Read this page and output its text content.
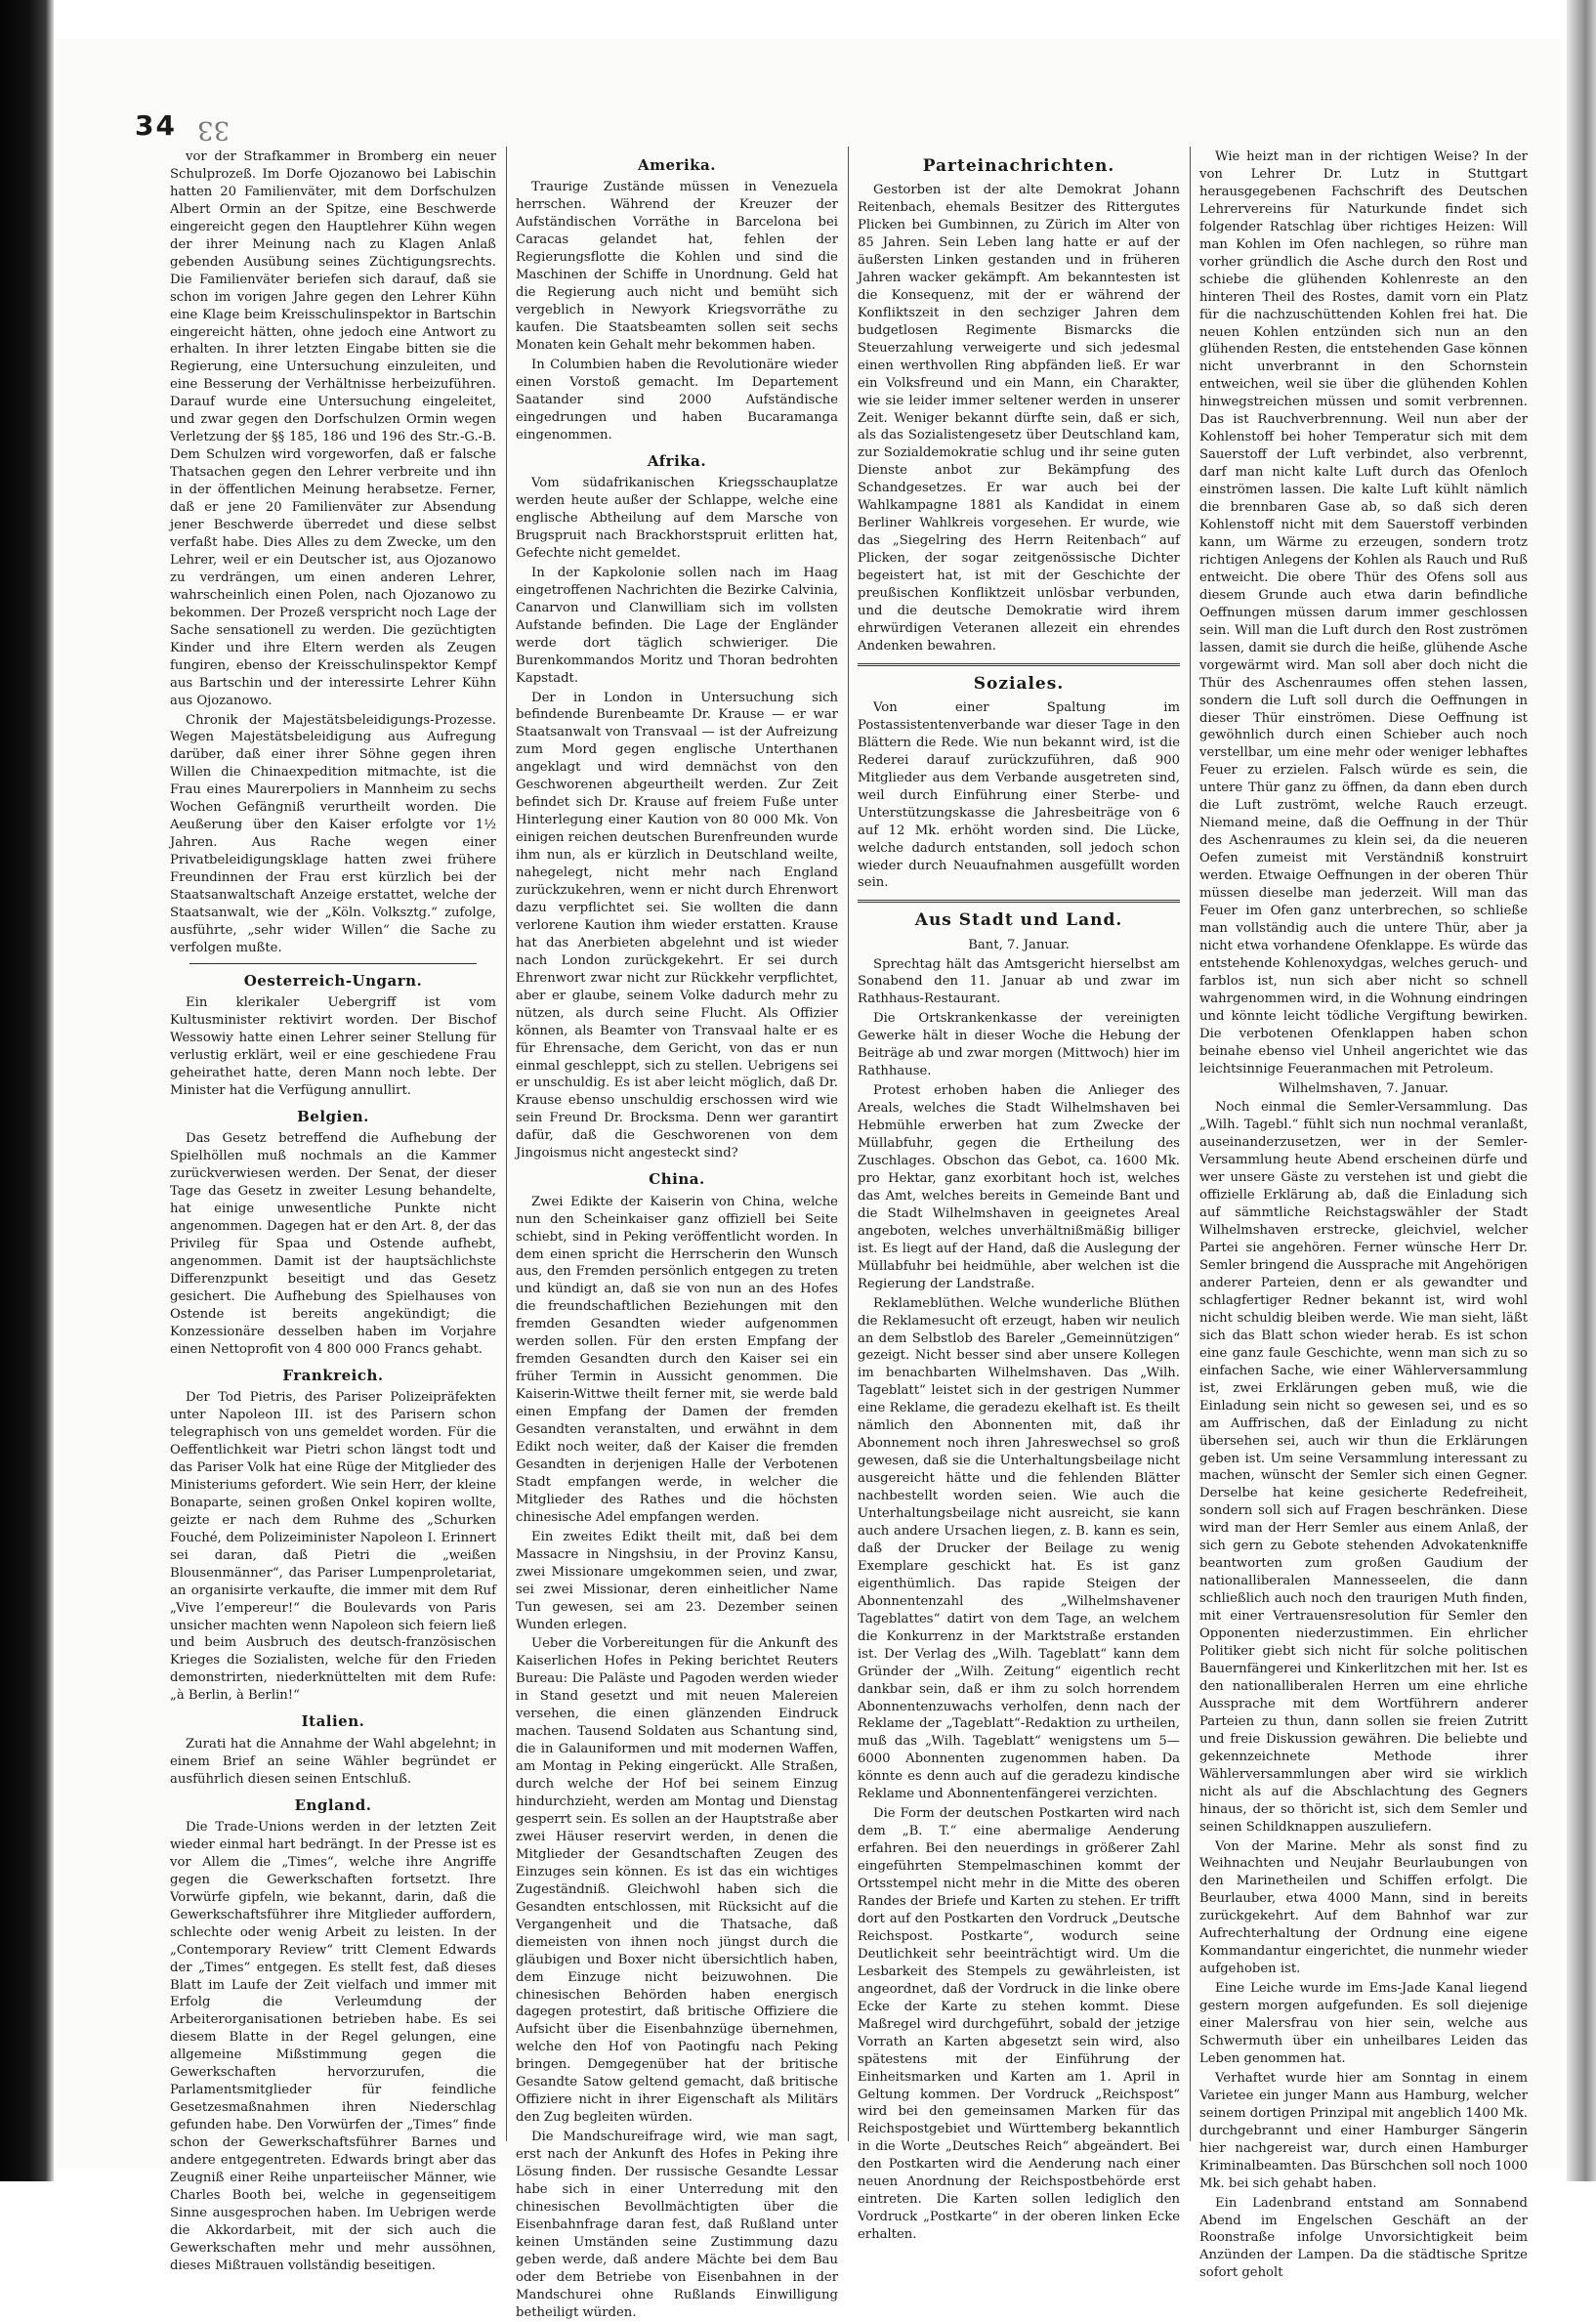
34 33

vor der Strafkammer in Bromberg ein neuer Schulprozeß. Im Dorfe Ojozanowo bei Labischin hatten 20 Familienväter, mit dem Dorfschulzen Albert Ormin an der Spitze, eine Beschwerde eingereicht gegen den Hauptlehrer Kühn wegen der ihrer Meinung nach zu Klagen Anlaß gebenden Ausübung seines Züchtigungsrechts. Die Familienväter beriefen sich darauf, daß sie schon im vorigen Jahre gegen den Lehrer Kühn eine Klage beim Kreisschulinspektor in Bartschin eingereicht hätten, ohne jedoch eine Antwort zu erhalten. In ihrer letzten Eingabe bitten sie die Regierung, eine Untersuchung einzuleiten, und eine Besserung der Verhältnisse herbeizuführen. Darauf wurde eine Untersuchung eingeleitet, und zwar gegen den Dorfschulzen Ormin wegen Verletzung der §§ 185, 186 und 196 des Str.-G.-B. Dem Schulzen wird vorgeworfen, daß er falsche Thatsachen gegen den Lehrer verbreite und ihn in der öffentlichen Meinung herabsetze. Ferner, daß er jene 20 Familienväter zur Absendung jener Beschwerde überredet und diese selbst verfaßt habe. Dies Alles zu dem Zwecke, um den Lehrer, weil er ein Deutscher ist, aus Ojozanowo zu verdrängen, um einen anderen Lehrer, wahrscheinlich einen Polen, nach Ojozanowo zu bekommen. Der Prozeß verspricht noch Lage der Sache sensationell zu werden. Die gezüchtigten Kinder und ihre Eltern werden als Zeugen fungiren, ebenso der Kreisschulinspektor Kempf aus Bartschin und der interessirte Lehrer Kühn aus Ojozanowo.

Chronik der Majestätsbeleidigungs-Prozesse. Wegen Majestätsbeleidigung aus Aufregung darüber, daß einer ihrer Söhne gegen ihren Willen die Chinaexpedition mitmachte, ist die Frau eines Maurerpoliers in Mannheim zu sechs Wochen Gefängniß verurtheilt worden. Die Aeußerung über den Kaiser erfolgte vor 1½ Jahren. Aus Rache wegen einer Privatbeleidigungsklage hatten zwei frühere Freundinnen der Frau erst kürzlich bei der Staatsanwaltschaft Anzeige erstattet, welche der Staatsanwalt, wie der „Köln. Volksztg.“ zufolge, ausführte, „sehr wider Willen“ die Sache zu verfolgen mußte.

Oesterreich-Ungarn.

Ein klerikaler Uebergriff ist vom Kultusminister rektivirt worden. Der Bischof Wessowiy hatte einen Lehrer seiner Stellung für verlustig erklärt, weil er eine geschiedene Frau geheirathet hatte, deren Mann noch lebte. Der Minister hat die Verfügung annullirt.

Belgien.

Das Gesetz betreffend die Aufhebung der Spielhöllen muß nochmals an die Kammer zurückverwiesen werden. Der Senat, der dieser Tage das Gesetz in zweiter Lesung behandelte, hat einige unwesentliche Punkte nicht angenommen. Dagegen hat er den Art. 8, der das Privileg für Spaa und Ostende aufhebt, angenommen. Damit ist der hauptsächlichste Differenzpunkt beseitigt und das Gesetz gesichert. Die Aufhebung des Spielhauses von Ostende ist bereits angekündigt; die Konzessionäre desselben haben im Vorjahre einen Nettoprofit von 4 800 000 Francs gehabt.

Frankreich.

Der Tod Pietris, des Pariser Polizeipräfekten unter Napoleon III. ist des Parisern schon telegraphisch von uns gemeldet worden. Für die Oeffentlichkeit war Pietri schon längst todt und das Pariser Volk hat eine Rüge der Mitglieder des Ministeriums gefordert. Wie sein Herr, der kleine Bonaparte, seinen großen Onkel kopiren wollte, geizte er nach dem Ruhme des „Schurken Fouché, dem Polizeiminister Napoleon I. Erinnert sei daran, daß Pietri die „weißen Blousenmänner“, das Pariser Lumpenproletariat, an organisirte verkaufte, die immer mit dem Ruf „Vive l’empereur!“ die Boulevards von Paris unsicher machten wenn Napoleon sich feiern ließ und beim Ausbruch des deutsch-französischen Krieges die Sozialisten, welche für den Frieden demonstrirten, niederknüttelten mit dem Rufe: „à Berlin, à Berlin!“

Italien.

Zurati hat die Annahme der Wahl abgelehnt; in einem Brief an seine Wähler begründet er ausführlich diesen seinen Entschluß.

England.

Die Trade-Unions werden in der letzten Zeit wieder einmal hart bedrängt. In der Presse ist es vor Allem die „Times“, welche ihre Angriffe gegen die Gewerkschaften fortsetzt. Ihre Vorwürfe gipfeln, wie bekannt, darin, daß die Gewerkschaftsführer ihre Mitglieder auffordern, schlechte oder wenig Arbeit zu leisten. In der „Contemporary Review“ tritt Clement Edwards der „Times“ entgegen. Es stellt fest, daß dieses Blatt im Laufe der Zeit vielfach und immer mit Erfolg die Verleumdung der Arbeiterorganisationen betrieben habe. Es sei diesem Blatte in der Regel gelungen, eine allgemeine Mißstimmung gegen die Gewerkschaften hervorzurufen, die Parlamentsmitglieder für feindliche Gesetzesmaßnahmen ihren Niederschlag gefunden habe. Den Vorwürfen der „Times“ finde schon der Gewerkschaftsführer Barnes und andere entgegentreten. Edwards bringt aber das Zeugniß einer Reihe unparteiischer Männer, wie Charles Booth bei, welche in gegenseitigem Sinne ausgesprochen haben. Im Uebrigen werde die Akkordarbeit, mit der sich auch die Gewerkschaften mehr und mehr aussöhnen, dieses Mißtrauen vollständig beseitigen.

Amerika.

Traurige Zustände müssen in Venezuela herrschen. Während der Kreuzer der Aufständischen Vorräthe in Barcelona bei Caracas gelandet hat, fehlen der Regierungsflotte die Kohlen und sind die Maschinen der Schiffe in Unordnung. Geld hat die Regierung auch nicht und bemüht sich vergeblich in Newyork Kriegsvorräthe zu kaufen. Die Staatsbeamten sollen seit sechs Monaten kein Gehalt mehr bekommen haben.

In Columbien haben die Revolutionäre wieder einen Vorstoß gemacht. Im Departement Saatander sind 2000 Aufständische eingedrungen und haben Bucaramanga eingenommen.

Afrika.

Vom südafrikanischen Kriegsschauplatze werden heute außer der Schlappe, welche eine englische Abtheilung auf dem Marsche von Brugspruit nach Brackhorstspruit erlitten hat, Gefechte nicht gemeldet.

In der Kapkolonie sollen nach im Haag eingetroffenen Nachrichten die Bezirke Calvinia, Canarvon und Clanwilliam sich im vollsten Aufstande befinden. Die Lage der Engländer werde dort täglich schwieriger. Die Burenkommandos Moritz und Thoran bedrohten Kapstadt.

Der in London in Untersuchung sich befindende Burenbeamte Dr. Krause — er war Staatsanwalt von Transvaal — ist der Aufreizung zum Mord gegen englische Unterthanen angeklagt und wird demnächst von den Geschworenen abgeurtheilt werden. Zur Zeit befindet sich Dr. Krause auf freiem Fuße unter Hinterlegung einer Kaution von 80 000 Mk. Von einigen reichen deutschen Burenfreunden wurde ihm nun, als er kürzlich in Deutschland weilte, nahegelegt, nicht mehr nach England zurückzukehren, wenn er nicht durch Ehrenwort dazu verpflichtet sei. Sie wollten die dann verlorene Kaution ihm wieder erstatten. Krause hat das Anerbieten abgelehnt und ist wieder nach London zurückgekehrt. Er sei durch Ehrenwort zwar nicht zur Rückkehr verpflichtet, aber er glaube, seinem Volke dadurch mehr zu nützen, als durch seine Flucht. Als Offizier können, als Beamter von Transvaal halte er es für Ehrensache, dem Gericht, von das er nun einmal geschleppt, sich zu stellen. Uebrigens sei er unschuldig. Es ist aber leicht möglich, daß Dr. Krause ebenso unschuldig erschossen wird wie sein Freund Dr. Brocksma. Denn wer garantirt dafür, daß die Geschworenen von dem Jingoismus nicht angesteckt sind?

China.

Zwei Edikte der Kaiserin von China, welche nun den Scheinkaiser ganz offiziell bei Seite schiebt, sind in Peking veröffentlicht worden. In dem einen spricht die Herrscherin den Wunsch aus, den Fremden persönlich entgegen zu treten und kündigt an, daß sie von nun an des Hofes die freundschaftlichen Beziehungen mit den fremden Gesandten wieder aufgenommen werden sollen. Für den ersten Empfang der fremden Gesandten durch den Kaiser sei ein früher Termin in Aussicht genommen. Die Kaiserin-Wittwe theilt ferner mit, sie werde bald einen Empfang der Damen der fremden Gesandten veranstalten, und erwähnt in dem Edikt noch weiter, daß der Kaiser die fremden Gesandten in derjenigen Halle der Verbotenen Stadt empfangen werde, in welcher die Mitglieder des Rathes und die höchsten chinesische Adel empfangen werden.

Ein zweites Edikt theilt mit, daß bei dem Massacre in Ningshsiu, in der Provinz Kansu, zwei Missionare umgekommen seien, und zwar, sei zwei Missionar, deren einheitlicher Name Tun gewesen, sei am 23. Dezember seinen Wunden erlegen.

Ueber die Vorbereitungen für die Ankunft des Kaiserlichen Hofes in Peking berichtet Reuters Bureau: Die Paläste und Pagoden werden wieder in Stand gesetzt und mit neuen Malereien versehen, die einen glänzenden Eindruck machen. Tausend Soldaten aus Schantung sind, die in Galauniformen und mit modernen Waffen, am Montag in Peking eingerückt. Alle Straßen, durch welche der Hof bei seinem Einzug hindurchzieht, werden am Montag und Dienstag gesperrt sein. Es sollen an der Hauptstraße aber zwei Häuser reservirt werden, in denen die Mitglieder der Gesandtschaften Zeugen des Einzuges sein können. Es ist das ein wichtiges Zugeständniß. Gleichwohl haben sich die Gesandten entschlossen, mit Rücksicht auf die Vergangenheit und die Thatsache, daß diemeisten von ihnen noch jüngst durch die gläubigen und Boxer nicht übersichtlich haben, dem Einzuge nicht beizuwohnen. Die chinesischen Behörden haben energisch dagegen protestirt, daß britische Offiziere die Aufsicht über die Eisenbahnzüge übernehmen, welche den Hof von Paotingfu nach Peking bringen. Demgegenüber hat der britische Gesandte Satow geltend gemacht, daß britische Offiziere nicht in ihrer Eigenschaft als Militärs den Zug begleiten würden.

Die Mandschureifrage wird, wie man sagt, erst nach der Ankunft des Hofes in Peking ihre Lösung finden. Der russische Gesandte Lessar habe sich in einer Unterredung mit den chinesischen Bevollmächtigten über die Eisenbahnfrage daran fest, daß Rußland unter keinen Umständen seine Zustimmung dazu geben werde, daß andere Mächte bei dem Bau oder dem Betriebe von Eisenbahnen in der Mandschurei ohne Rußlands Einwilligung betheiligt würden.

Parteinachrichten.

Gestorben ist der alte Demokrat Johann Reitenbach, ehemals Besitzer des Rittergutes Plicken bei Gumbinnen, zu Zürich im Alter von 85 Jahren. Sein Leben lang hatte er auf der äußersten Linken gestanden und in früheren Jahren wacker gekämpft. Am bekanntesten ist die Konsequenz, mit der er während der Konfliktszeit in den sechziger Jahren dem budgetlosen Regimente Bismarcks die Steuerzahlung verweigerte und sich jedesmal einen werthvollen Ring abpfänden ließ. Er war ein Volksfreund und ein Mann, ein Charakter, wie sie leider immer seltener werden in unserer Zeit. Weniger bekannt dürfte sein, daß er sich, als das Sozialistengesetz über Deutschland kam, zur Sozialdemokratie schlug und ihr seine guten Dienste anbot zur Bekämpfung des Schandgesetzes. Er war auch bei der Wahlkampagne 1881 als Kandidat in einem Berliner Wahlkreis vorgesehen. Er wurde, wie das „Siegelring des Herrn Reitenbach“ auf Plicken, der sogar zeitgenössische Dichter begeistert hat, ist mit der Geschichte der preußischen Konfliktzeit unlösbar verbunden, und die deutsche Demokratie wird ihrem ehrwürdigen Veteranen allezeit ein ehrendes Andenken bewahren.

Soziales.

Von einer Spaltung im Postassistentenverbande war dieser Tage in den Blättern die Rede. Wie nun bekannt wird, ist die Rederei darauf zurückzuführen, daß 900 Mitglieder aus dem Verbande ausgetreten sind, weil durch Einführung einer Sterbe- und Unterstützungskasse die Jahresbeiträge von 6 auf 12 Mk. erhöht worden sind. Die Lücke, welche dadurch entstanden, soll jedoch schon wieder durch Neuaufnahmen ausgefüllt worden sein.

Aus Stadt und Land.

Bant, 7. Januar.

Sprechtag hält das Amtsgericht hierselbst am Sonabend den 11. Januar ab und zwar im Rathhaus-Restaurant.

Die Ortskrankenkasse der vereinigten Gewerke hält in dieser Woche die Hebung der Beiträge ab und zwar morgen (Mittwoch) hier im Rathhause.

Protest erhoben haben die Anlieger des Areals, welches die Stadt Wilhelmshaven bei Hebmühle erwerben hat zum Zwecke der Müllabfuhr, gegen die Ertheilung des Zuschlages. Obschon das Gebot, ca. 1600 Mk. pro Hektar, ganz exorbitant hoch ist, welches das Amt, welches bereits in Gemeinde Bant und die Stadt Wilhelmshaven in geeignetes Areal angeboten, welches unverhältnißmäßig billiger ist. Es liegt auf der Hand, daß die Auslegung der Müllabfuhr bei heidmühle, aber welchen ist die Regierung der Landstraße.

Reklameblüthen. Welche wunderliche Blüthen die Reklamesucht oft erzeugt, haben wir neulich an dem Selbstlob des Bareler „Gemeinnützigen“ gezeigt. Nicht besser sind aber unsere Kollegen im benachbarten Wilhelmshaven. Das „Wilh. Tageblatt“ leistet sich in der gestrigen Nummer eine Reklame, die geradezu ekelhaft ist. Es theilt nämlich den Abonnenten mit, daß ihr Abonnement noch ihren Jahreswechsel so groß gewesen, daß sie die Unterhaltungsbeilage nicht ausgereicht hätte und die fehlenden Blätter nachbestellt worden seien. Wie auch die Unterhaltungsbeilage nicht ausreicht, sie kann auch andere Ursachen liegen, z. B. kann es sein, daß der Drucker der Beilage zu wenig Exemplare geschickt hat. Es ist ganz eigenthümlich. Das rapide Steigen der Abonnentenzahl des „Wilhelmshavener Tageblattes“ datirt von dem Tage, an welchem die Konkurrenz in der Marktstraße erstanden ist. Der Verlag des „Wilh. Tageblatt“ kann dem Gründer der „Wilh. Zeitung“ eigentlich recht dankbar sein, daß er ihm zu solch horrendem Abonnentenzuwachs verholfen, denn nach der Reklame der „Tageblatt“-Redaktion zu urtheilen, muß das „Wilh. Tageblatt“ wenigstens um 5—6000 Abonnenten zugenommen haben. Da könnte es denn auch auf die geradezu kindische Reklame und Abonnentenfängerei verzichten.

Die Form der deutschen Postkarten wird nach dem „B. T.“ eine abermalige Aenderung erfahren. Bei den neuerdings in größerer Zahl eingeführten Stempelmaschinen kommt der Ortsstempel nicht mehr in die Mitte des oberen Randes der Briefe und Karten zu stehen. Er trifft dort auf den Postkarten den Vordruck „Deutsche Reichspost. Postkarte“, wodurch seine Deutlichkeit sehr beeinträchtigt wird. Um die Lesbarkeit des Stempels zu gewährleisten, ist angeordnet, daß der Vordruck in die linke obere Ecke der Karte zu stehen kommt. Diese Maßregel wird durchgeführt, sobald der jetzige Vorrath an Karten abgesetzt sein wird, also spätestens mit der Einführung der Einheitsmarken und Karten am 1. April in Geltung kommen. Der Vordruck „Reichspost“ wird bei den gemeinsamen Marken für das Reichspostgebiet und Württemberg bekanntlich in die Worte „Deutsches Reich“ abgeändert. Bei den Postkarten wird die Aenderung nach einer neuen Anordnung der Reichspostbehörde erst eintreten. Die Karten sollen lediglich den Vordruck „Postkarte“ in der oberen linken Ecke erhalten.

Wie heizt man in der richtigen Weise? In der von Lehrer Dr. Lutz in Stuttgart herausgegebenen Fachschrift des Deutschen Lehrervereins für Naturkunde findet sich folgender Ratschlag über richtiges Heizen: Will man Kohlen im Ofen nachlegen, so rühre man vorher gründlich die Asche durch den Rost und schiebe die glühenden Kohlenreste an den hinteren Theil des Rostes, damit vorn ein Platz für die nachzuschüttenden Kohlen frei hat. Die neuen Kohlen entzünden sich nun an den glühenden Resten, die entstehenden Gase können nicht unverbrannt in den Schornstein entweichen, weil sie über die glühenden Kohlen hinwegstreichen müssen und somit verbrennen. Das ist Rauchverbrennung. Weil nun aber der Kohlenstoff bei hoher Temperatur sich mit dem Sauerstoff der Luft verbindet, also verbrennt, darf man nicht kalte Luft durch das Ofenloch einströmen lassen. Die kalte Luft kühlt nämlich die brennbaren Gase ab, so daß sich deren Kohlenstoff nicht mit dem Sauerstoff verbinden kann, um Wärme zu erzeugen, sondern trotz richtigen Anlegens der Kohlen als Rauch und Ruß entweicht. Die obere Thür des Ofens soll aus diesem Grunde auch etwa darin befindliche Oeffnungen müssen darum immer geschlossen sein. Will man die Luft durch den Rost zuströmen lassen, damit sie durch die heiße, glühende Asche vorgewärmt wird. Man soll aber doch nicht die Thür des Aschenraumes offen stehen lassen, sondern die Luft soll durch die Oeffnungen in dieser Thür einströmen. Diese Oeffnung ist gewöhnlich durch einen Schieber auch noch verstellbar, um eine mehr oder weniger lebhaftes Feuer zu erzielen. Falsch würde es sein, die untere Thür ganz zu öffnen, da dann eben durch die Luft zuströmt, welche Rauch erzeugt. Niemand meine, daß die Oeffnung in der Thür des Aschenraumes zu klein sei, da die neueren Oefen zumeist mit Verständniß konstruirt werden. Etwaige Oeffnungen in der oberen Thür müssen dieselbe man jederzeit. Will man das Feuer im Ofen ganz unterbrechen, so schließe man vollständig auch die untere Thür, aber ja nicht etwa vorhandene Ofenklappe. Es würde das entstehende Kohlenoxydgas, welches geruch- und farblos ist, nun sich aber nicht so schnell wahrgenommen wird, in die Wohnung eindringen und könnte leicht tödliche Vergiftung bewirken. Die verbotenen Ofenklappen haben schon beinahe ebenso viel Unheil angerichtet wie das leichtsinnige Feueranmachen mit Petroleum.

Wilhelmshaven, 7. Januar.

Noch einmal die Semler-Versammlung. Das „Wilh. Tagebl.“ fühlt sich nun nochmal veranlaßt, auseinanderzusetzen, wer in der Semler-Versammlung heute Abend erscheinen dürfe und wer unsere Gäste zu verstehen ist und giebt die offizielle Erklärung ab, daß die Einladung sich auf sämmtliche Reichstagswähler der Stadt Wilhelmshaven erstrecke, gleichviel, welcher Partei sie angehören. Ferner wünsche Herr Dr. Semler bringend die Aussprache mit Angehörigen anderer Parteien, denn er als gewandter und schlagfertiger Redner bekannt ist, wird wohl nicht schuldig bleiben werde. Wie man sieht, läßt sich das Blatt schon wieder herab. Es ist schon eine ganz faule Geschichte, wenn man sich zu so einfachen Sache, wie einer Wählerversammlung ist, zwei Erklärungen geben muß, wie die Einladung sein nicht so gewesen sei, und es so am Auffrischen, daß der Einladung zu nicht übersehen sei, auch wir thun die Erklärungen geben ist. Um seine Versammlung interessant zu machen, wünscht der Semler sich einen Gegner. Derselbe hat keine gesicherte Redefreiheit, sondern soll sich auf Fragen beschränken. Diese wird man der Herr Semler aus einem Anlaß, der sich gern zu Gebote stehenden Advokatenkniffe beantworten zum großen Gaudium der nationalliberalen Mannesseelen, die dann schließlich auch noch den traurigen Muth finden, mit einer Vertrauensresolution für Semler den Opponenten niederzustimmen. Ein ehrlicher Politiker giebt sich nicht für solche politischen Bauernfängerei und Kinkerlitzchen mit her. Ist es den nationalliberalen Herren um eine ehrliche Aussprache mit dem Wortführern anderer Parteien zu thun, dann sollen sie freien Zutritt und freie Diskussion gewähren. Die beliebte und gekennzeichnete Methode ihrer Wählerversammlungen aber wird sie wirklich nicht als auf die Abschlachtung des Gegners hinaus, der so thöricht ist, sich dem Semler und seinen Schildknappen auszuliefern.

Von der Marine. Mehr als sonst find zu Weihnachten und Neujahr Beurlaubungen von den Marinetheilen und Schiffen erfolgt. Die Beurlauber, etwa 4000 Mann, sind in bereits zurückgekehrt. Auf dem Bahnhof war zur Aufrechterhaltung der Ordnung eine eigene Kommandantur eingerichtet, die nunmehr wieder aufgehoben ist.

Eine Leiche wurde im Ems-Jade Kanal liegend gestern morgen aufgefunden. Es soll diejenige einer Malersfrau von hier sein, welche aus Schwermuth über ein unheilbares Leiden das Leben genommen hat.

Verhaftet wurde hier am Sonntag in einem Varietee ein junger Mann aus Hamburg, welcher seinem dortigen Prinzipal mit angeblich 1400 Mk. durchgebrannt und einer Hamburger Sängerin hier nachgereist war, durch einen Hamburger Kriminalbeamten. Das Bürschchen soll noch 1000 Mk. bei sich gehabt haben.

Ein Ladenbrand entstand am Sonnabend Abend im Engelschen Geschäft an der Roonstraße infolge Unvorsichtigkeit beim Anzünden der Lampen. Da die städtische Spritze sofort geholt
